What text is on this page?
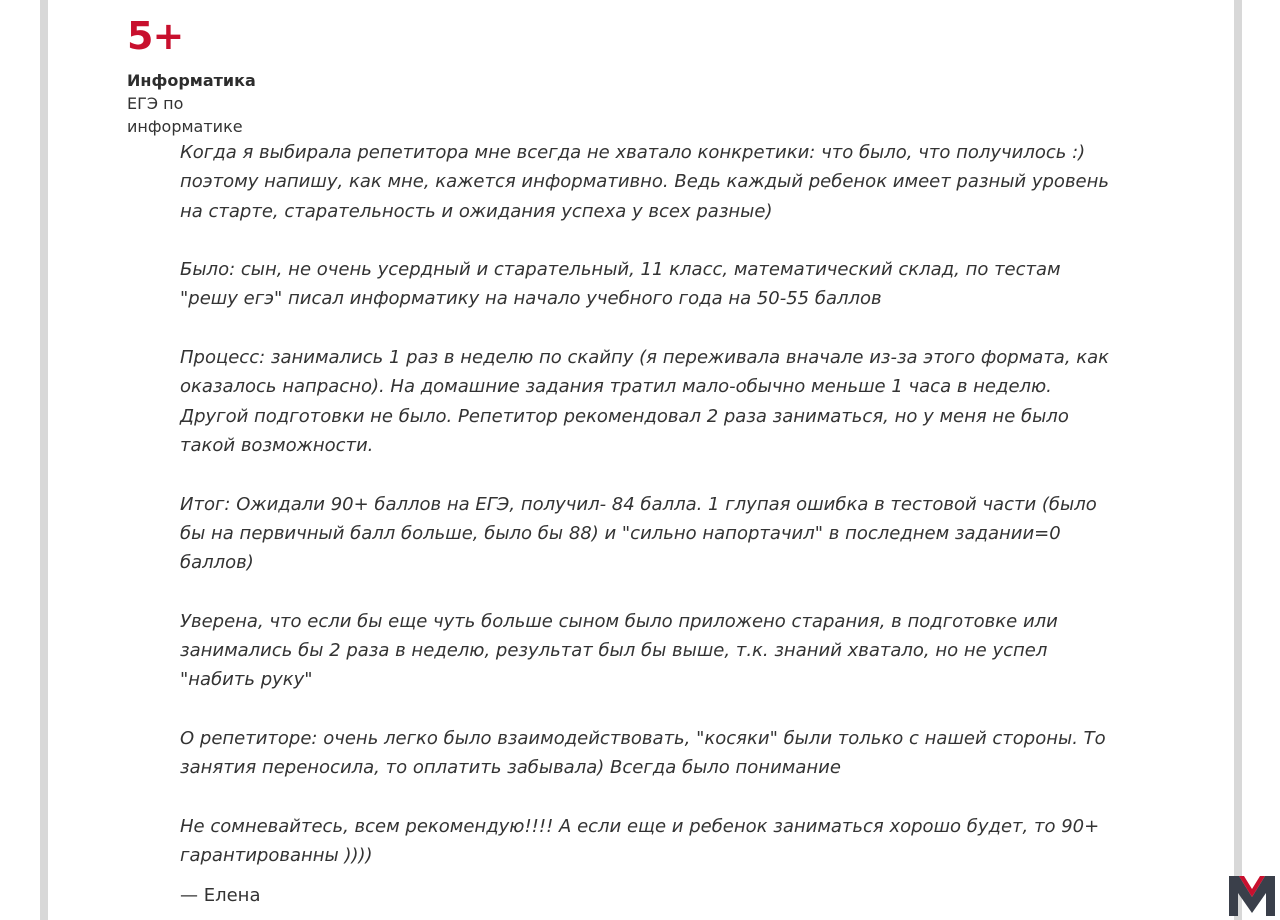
5+
Информатика
ЕГЭ по информатике

Когда я выбирала репетитора мне всегда не хватало конкретики: что было, что получилось :) поэтому напишу, как мне, кажется информативно. Ведь каждый ребенок имеет разный уровень на старте, старательность и ожидания успеха у всех разные)

Было: сын, не очень усердный и старательный, 11 класс, математический склад, по тестам "решу егэ" писал информатику на начало учебного года на 50-55 баллов

Процесс: занимались 1 раз в неделю по скайпу (я переживала вначале из-за этого формата, как оказалось напрасно). На домашние задания тратил мало-обычно меньше 1 часа в неделю. Другой подготовки не было. Репетитор рекомендовал 2 раза заниматься, но у меня не было такой возможности.

Итог: Ожидали 90+ баллов на ЕГЭ, получил- 84 балла. 1 глупая ошибка в тестовой части (было бы на первичный балл больше, было бы 88) и "сильно напортачил" в последнем задании=0 баллов)

Уверена, что если бы еще чуть больше сыном было приложено старания, в подготовке или занимались бы 2 раза в неделю, результат был бы выше, т.к. знаний хватало, но не успел "набить руку"

О репетиторе: очень легко было взаимодействовать, "косяки" были только с нашей стороны. То занятия переносила, то оплатить забывала) Всегда было понимание

Не сомневайтесь, всем рекомендую!!!! А если еще и ребенок заниматься хорошо будет, то 90+ гарантированны ))))

— Елена
